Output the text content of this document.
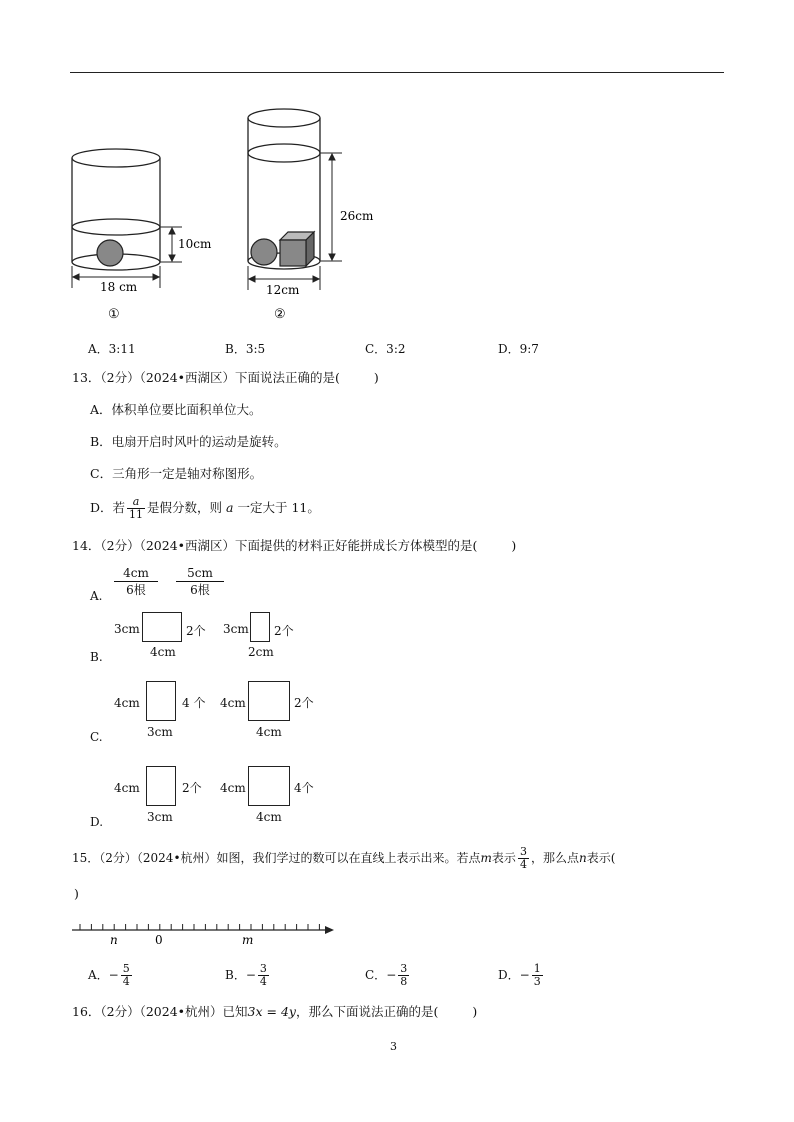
10cm
18 cm
①
26cm
12cm
②
A．3:11	B．3:5	C．3:2	D．9:7
13．（2分）（2024•西湖区）下面说法正确的是(	)
A．体积单位要比面积单位大。
B．电扇开启时风叶的运动是旋转。
C．三角形一定是轴对称图形。
D．若 $\frac{a}{11}$ 是假分数，则 a 一定大于 11。
14．（2分）（2024•西湖区）下面提供的材料正好能拼成长方体模型的是(	)
A.
4cm
6根
5cm
6根
B.
3cm	2个
4cm
3cm 2个
2cm
C.
4cm	4 个
3cm
4cm	2个
4cm
D.
4cm	2个
3cm
4cm	4个
4cm
15．（2分）（2024•杭州）如图，我们学过的数可以在直线上表示出来。若点m表示 $\frac{3}{4}$ ，那么点n表示(
)
n	0	m
A．− $\frac{5}{4}$	B．− $\frac{3}{4}$	C．− $\frac{3}{8}$	D．− $\frac{1}{3}$
16．（2分）（2024•杭州）已知3x = 4y，那么下面说法正确的是(	)
3
